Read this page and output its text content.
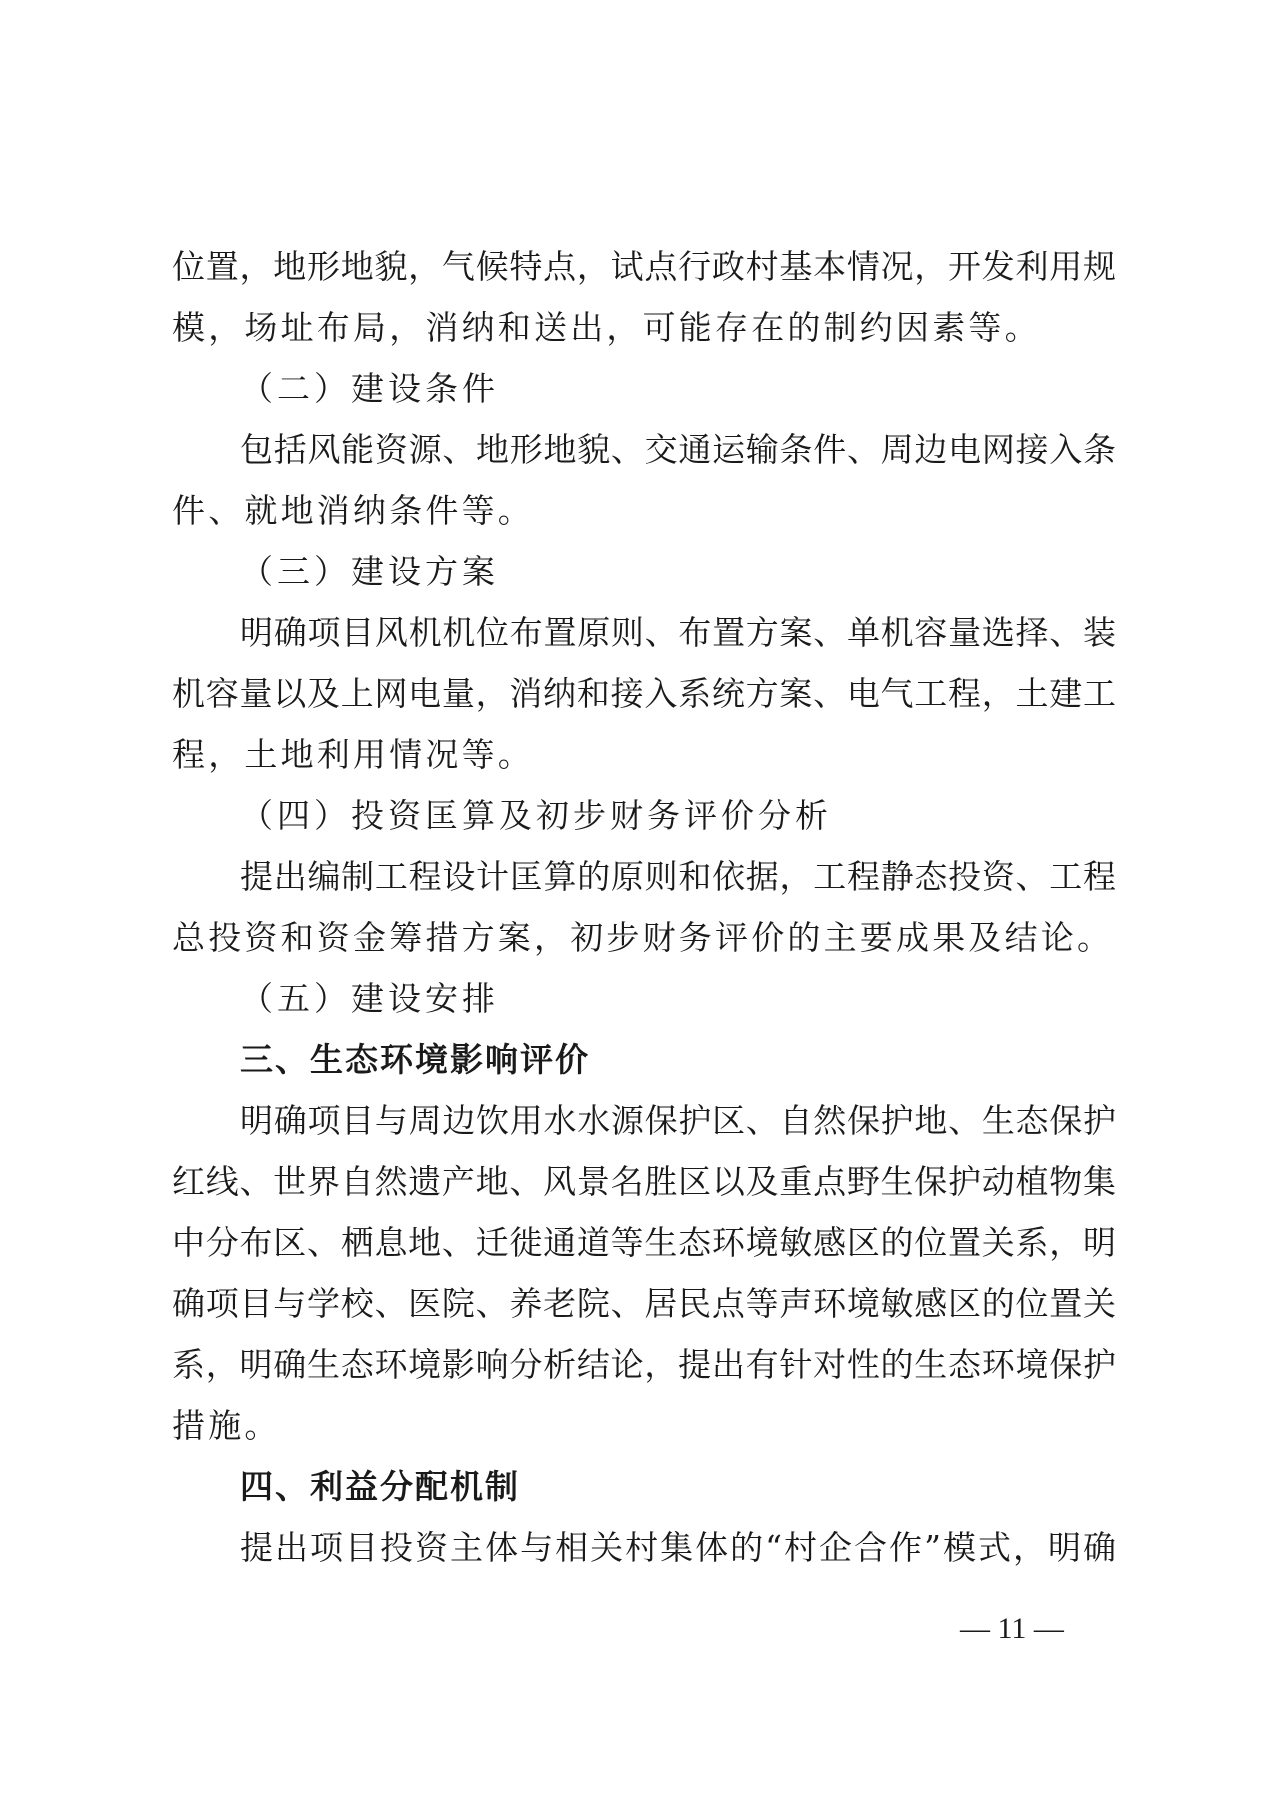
位置，地形地貌，气候特点，试点行政村基本情况，开发利用规
模，场址布局，消纳和送出，可能存在的制约因素等。
（二）建设条件
包括风能资源、地形地貌、交通运输条件、周边电网接入条
件、就地消纳条件等。
（三）建设方案
明确项目风机机位布置原则、布置方案、单机容量选择、装
机容量以及上网电量，消纳和接入系统方案、电气工程，土建工
程，土地利用情况等。
（四）投资匡算及初步财务评价分析
提出编制工程设计匡算的原则和依据，工程静态投资、工程
总投资和资金筹措方案，初步财务评价的主要成果及结论。
（五）建设安排
三、生态环境影响评价
明确项目与周边饮用水水源保护区、自然保护地、生态保护
红线、世界自然遗产地、风景名胜区以及重点野生保护动植物集
中分布区、栖息地、迁徙通道等生态环境敏感区的位置关系，明
确项目与学校、医院、养老院、居民点等声环境敏感区的位置关
系，明确生态环境影响分析结论，提出有针对性的生态环境保护
措施。
四、利益分配机制
提出项目投资主体与相关村集体的“村企合作”模式，明确
— 11 —
